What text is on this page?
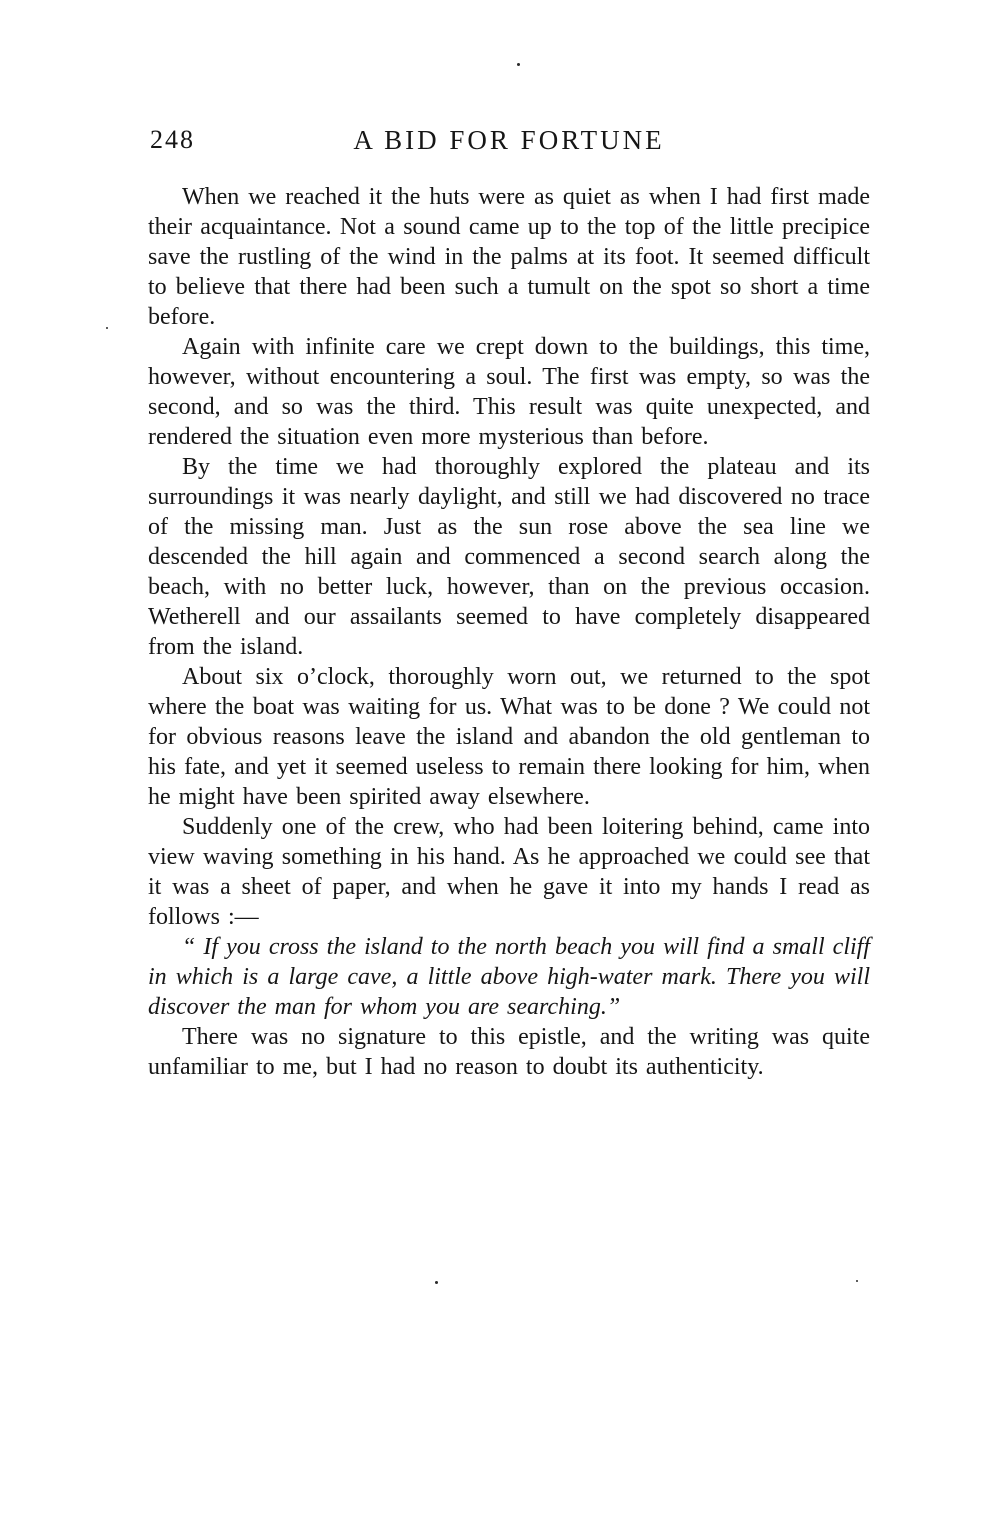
248	A BID FOR FORTUNE

When we reached it the huts were as quiet as when I had first made their acquaintance. Not a sound came up to the top of the little precipice save the rustling of the wind in the palms at its foot. It seemed difficult to believe that there had been such a tumult on the spot so short a time before.

Again with infinite care we crept down to the buildings, this time, however, without encountering a soul. The first was empty, so was the second, and so was the third. This result was quite unexpected, and rendered the situation even more mysterious than before.

By the time we had thoroughly explored the plateau and its surroundings it was nearly daylight, and still we had discovered no trace of the missing man. Just as the sun rose above the sea line we descended the hill again and commenced a second search along the beach, with no better luck, however, than on the previous occasion. Wetherell and our assailants seemed to have completely disappeared from the island.

About six o’clock, thoroughly worn out, we returned to the spot where the boat was waiting for us. What was to be done ? We could not for obvious reasons leave the island and abandon the old gentleman to his fate, and yet it seemed useless to remain there looking for him, when he might have been spirited away elsewhere.

Suddenly one of the crew, who had been loitering behind, came into view waving something in his hand. As he approached we could see that it was a sheet of paper, and when he gave it into my hands I read as follows :—

“ If you cross the island to the north beach you will find a small cliff in which is a large cave, a little above high-water mark. There you will discover the man for whom you are searching.”

There was no signature to this epistle, and the writing was quite unfamiliar to me, but I had no reason to doubt its authenticity.
